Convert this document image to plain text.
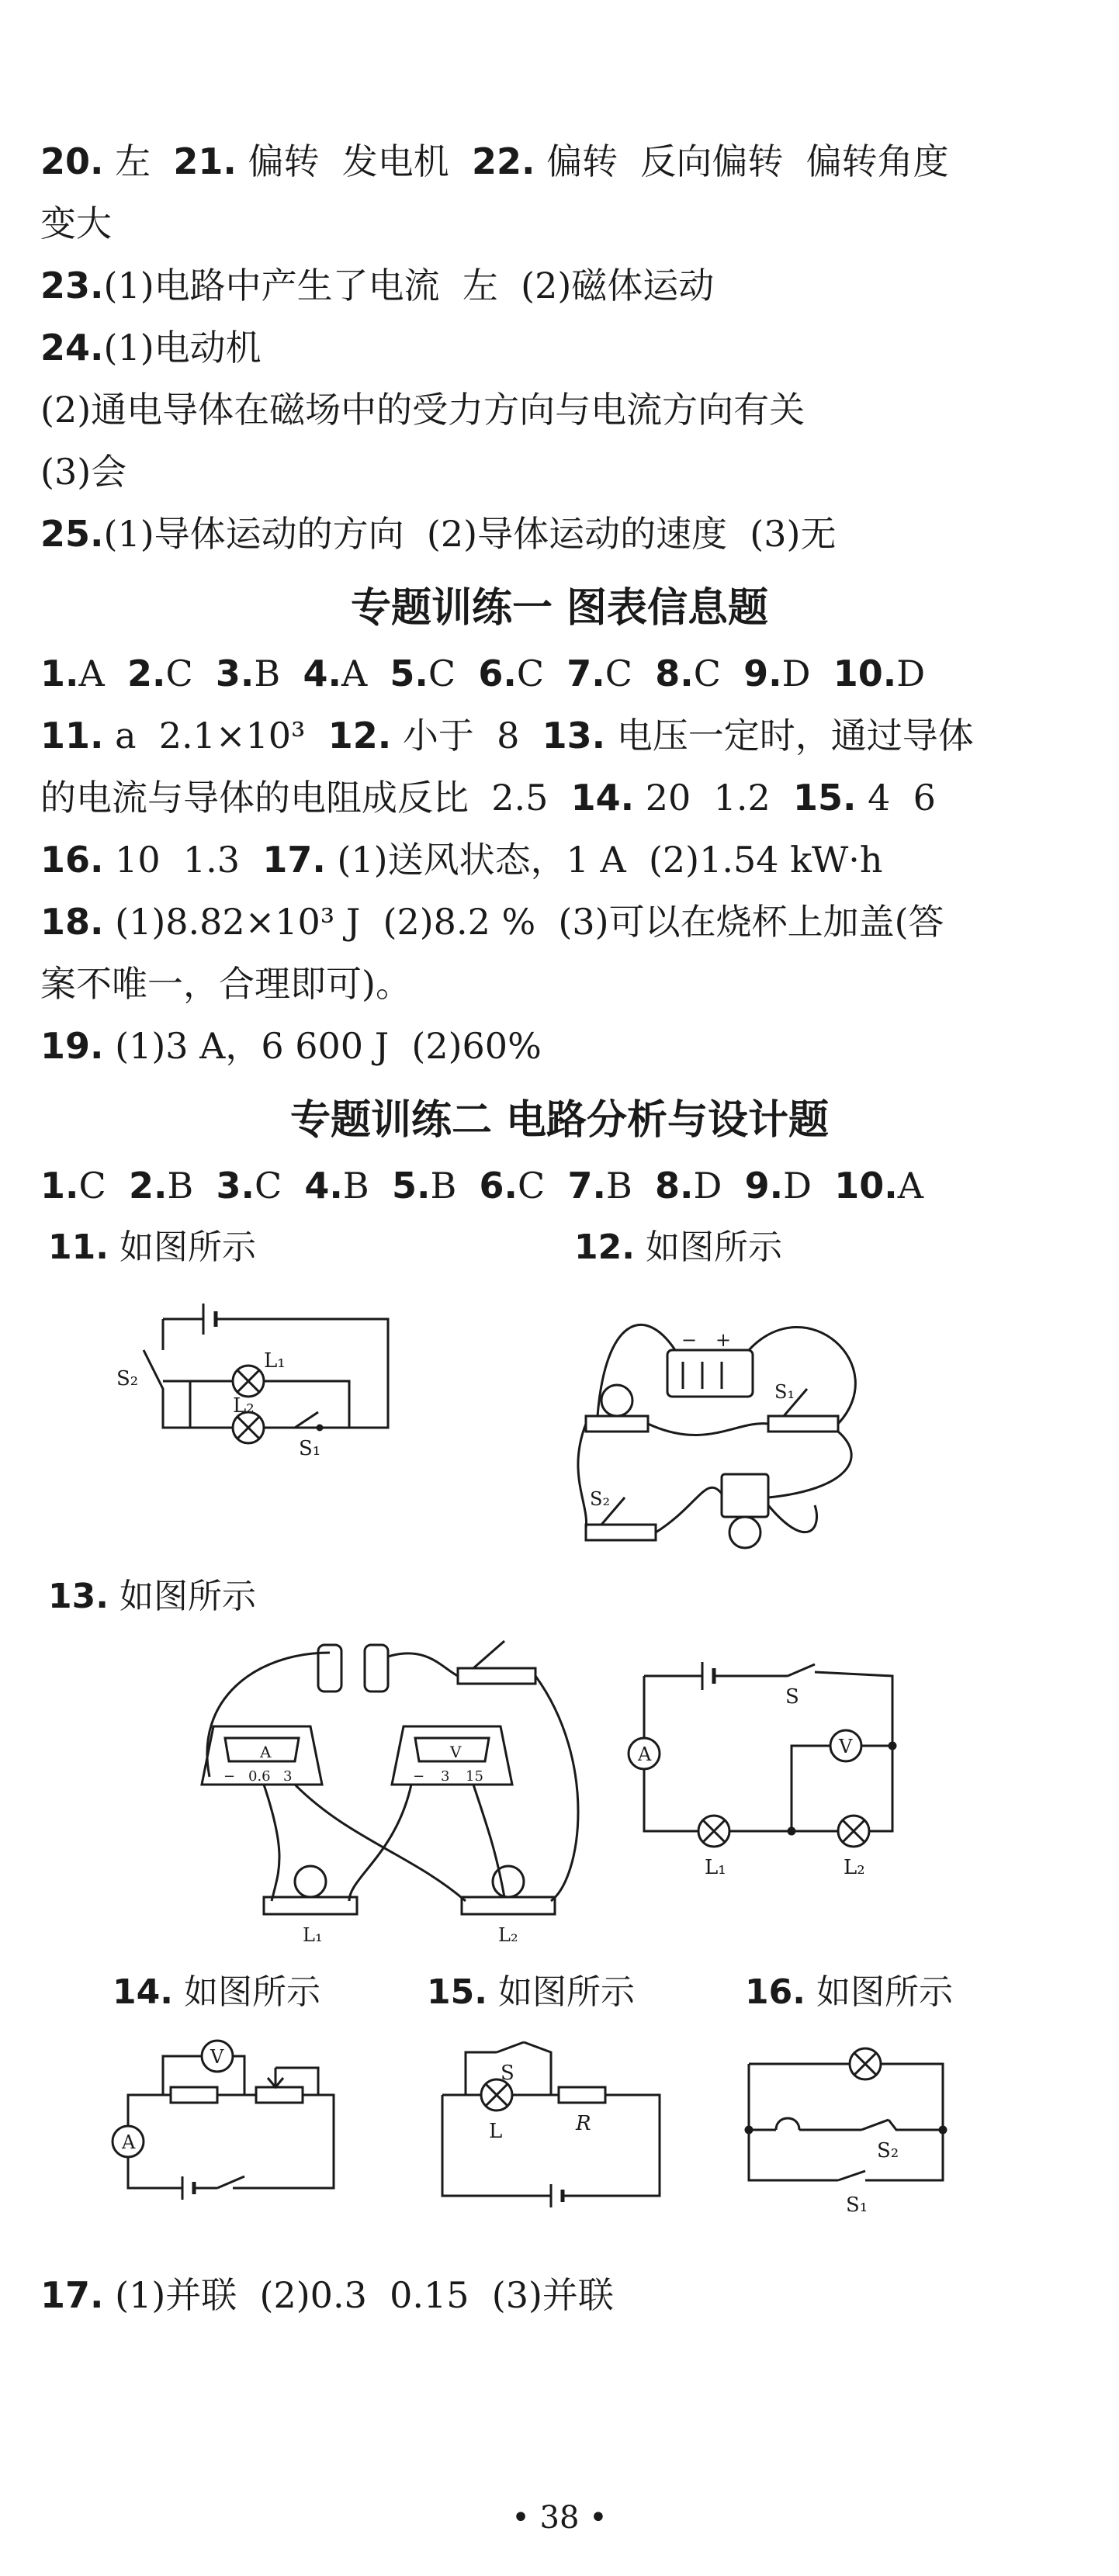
20. 左  21. 偏转  发电机  22. 偏转  反向偏转  偏转角度
变大
23.(1)电路中产生了电流  左  (2)磁体运动
24.(1)电动机
(2)通电导体在磁场中的受力方向与电流方向有关
(3)会
25.(1)导体运动的方向  (2)导体运动的速度  (3)无
专题训练一 图表信息题
1.A 2.C 3.B 4.A 5.C 6.C 7.C 8.C 9.D 10.D
11. a  2.1×10³  12. 小于  8  13. 电压一定时，通过导体
的电流与导体的电阻成反比  2.5  14. 20  1.2  15. 4  6
16. 10  1.3  17. (1)送风状态，1 A  (2)1.54 kW·h
18. (1)8.82×10³ J  (2)8.2 %  (3)可以在烧杯上加盖(答
案不唯一，合理即可)。
19. (1)3 A，6 600 J  (2)60%
专题训练二 电路分析与设计题
1.C 2.B 3.C 4.B 5.B 6.C 7.B 8.D 9.D 10.A
11. 如图所示	12. 如图所示
S₂
L₁
L₂
S₁
− +
S₁
S₂
13. 如图所示
A
− 0.6 3
V
− 3 15
L₁	L₂
A	V
S
L₁	L₂
14. 如图所示	15. 如图所示	16. 如图所示
V
A
S
L	R
S₂
S₁
17. (1)并联  (2)0.3  0.15  (3)并联
• 38 •
